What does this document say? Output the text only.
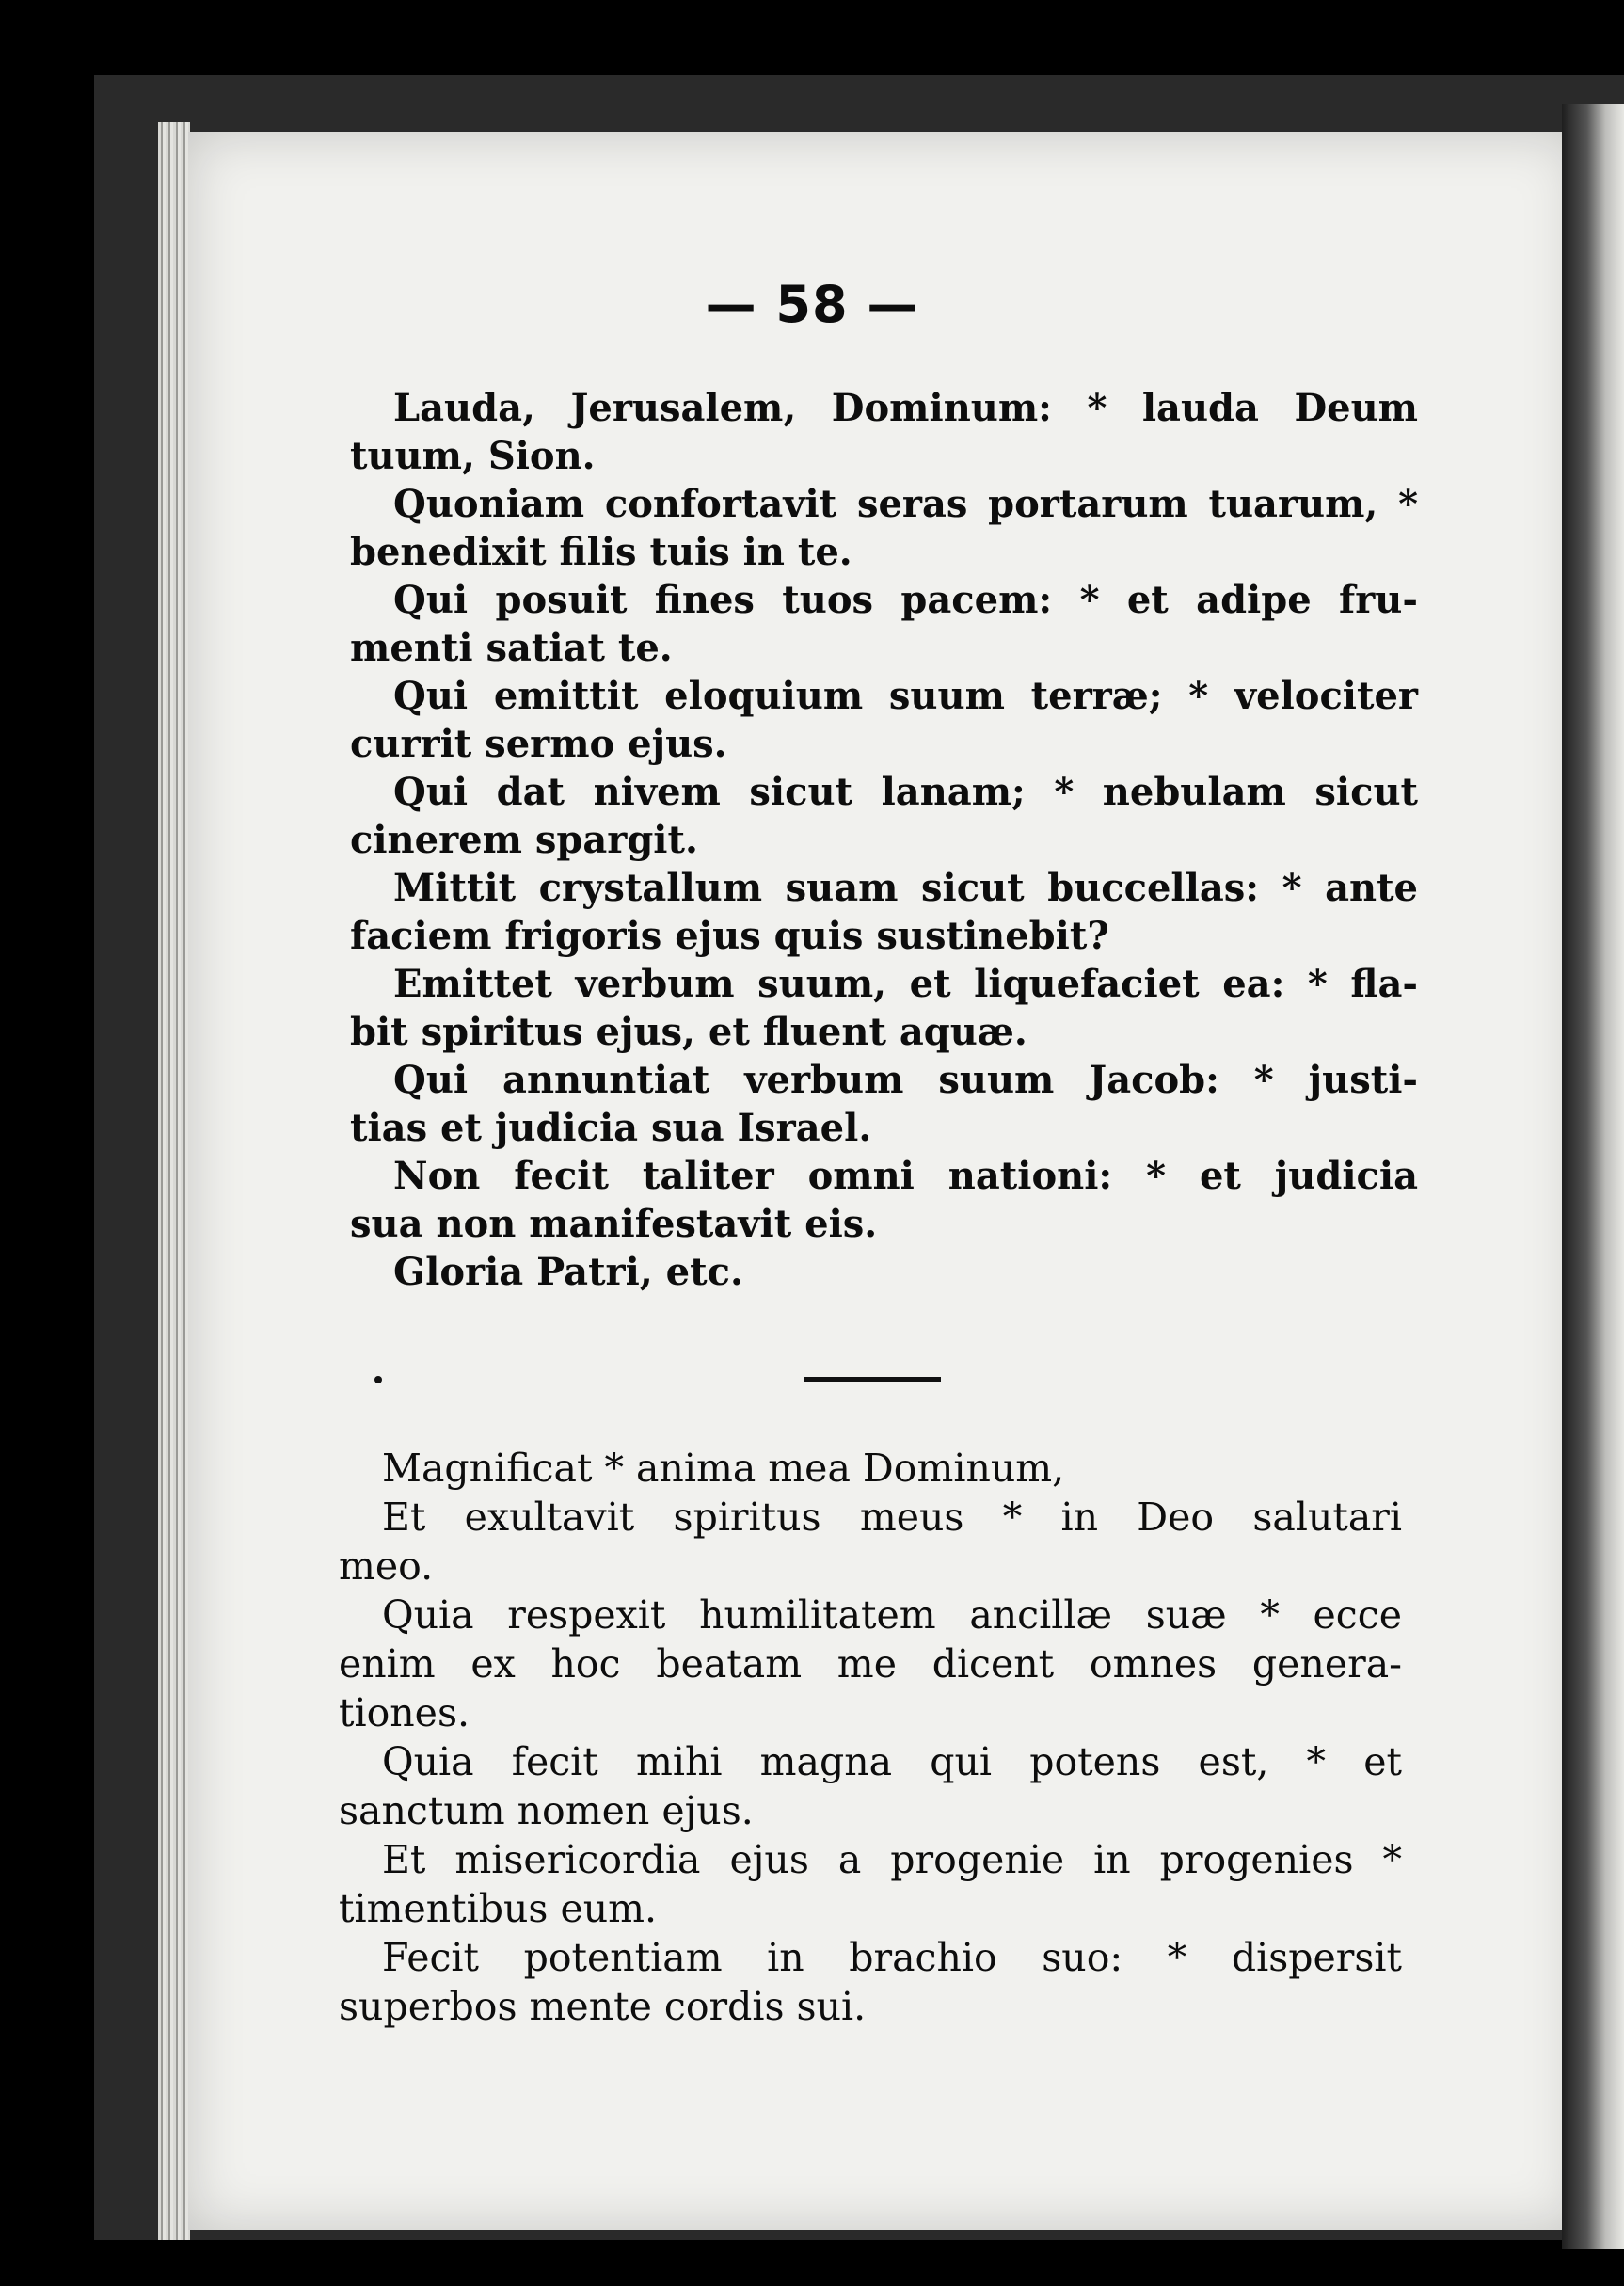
— 58 —
Lauda, Jerusalem, Dominum: * lauda Deum
tuum, Sion.
Quoniam confortavit seras portarum tuarum, *
benedixit filis tuis in te.
Qui posuit fines tuos pacem: * et adipe fru-
menti satiat te.
Qui emittit eloquium suum terræ; * velociter
currit sermo ejus.
Qui dat nivem sicut lanam; * nebulam sicut
cinerem spargit.
Mittit crystallum suam sicut buccellas: * ante
faciem frigoris ejus quis sustinebit?
Emittet verbum suum, et liquefaciet ea: * fla-
bit spiritus ejus, et fluent aquæ.
Qui annuntiat verbum suum Jacob: * justi-
tias et judicia sua Israel.
Non fecit taliter omni nationi: * et judicia
sua non manifestavit eis.
Gloria Patri, etc.
Magnificat * anima mea Dominum,
Et exultavit spiritus meus * in Deo salutari
meo.
Quia respexit humilitatem ancillæ suæ * ecce
enim ex hoc beatam me dicent omnes genera-
tiones.
Quia fecit mihi magna qui potens est, * et
sanctum nomen ejus.
Et misericordia ejus a progenie in progenies *
timentibus eum.
Fecit potentiam in brachio suo: * dispersit
superbos mente cordis sui.
